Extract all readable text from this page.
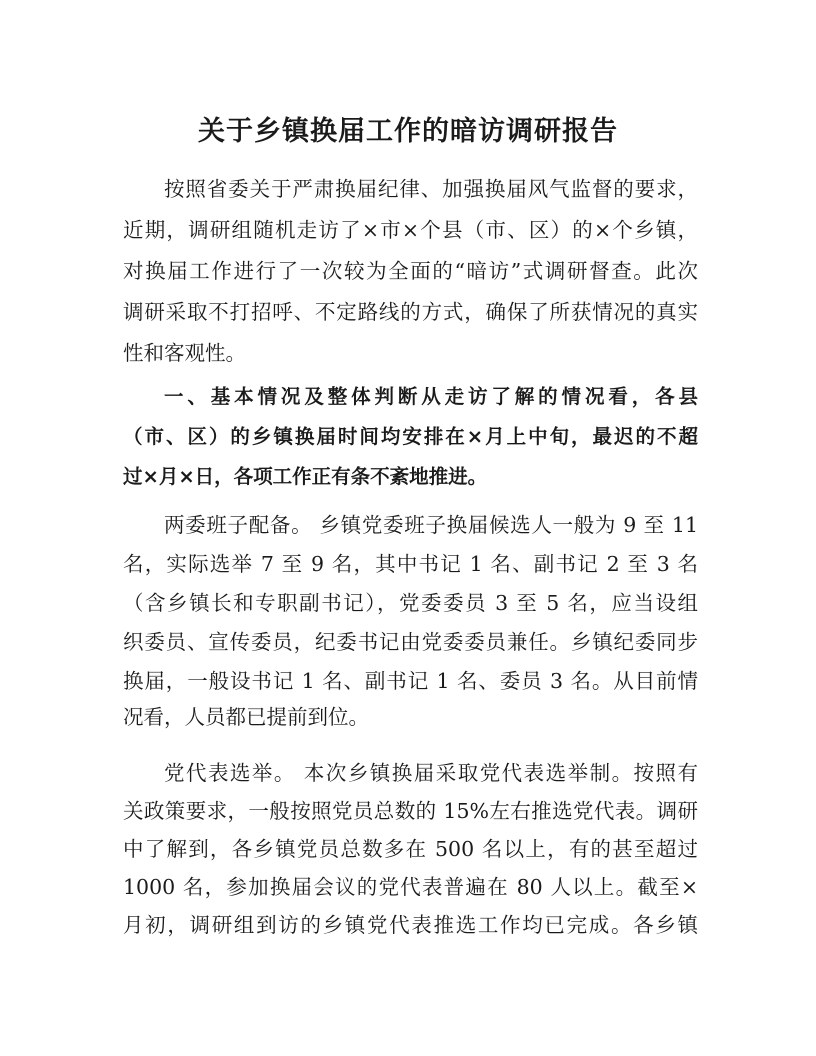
关于乡镇换届工作的暗访调研报告
按照省委关于严肃换届纪律、加强换届风气监督的要求，
近期，调研组随机走访了×市×个县（市、区）的×个乡镇，
对换届工作进行了一次较为全面的“暗访”式调研督查。此次
调研采取不打招呼、不定路线的方式，确保了所获情况的真实
性和客观性。
一、基本情况及整体判断从走访了解的情况看，各县
（市、区）的乡镇换届时间均安排在×月上中旬，最迟的不超
过×月×日，各项工作正有条不紊地推进。
两委班子配备。 乡镇党委班子换届候选人一般为 9 至 11
名，实际选举 7 至 9 名，其中书记 1 名、副书记 2 至 3 名
（含乡镇长和专职副书记），党委委员 3 至 5 名，应当设组
织委员、宣传委员，纪委书记由党委委员兼任。乡镇纪委同步
换届，一般设书记 1 名、副书记 1 名、委员 3 名。从目前情
况看，人员都已提前到位。
党代表选举。 本次乡镇换届采取党代表选举制。按照有
关政策要求，一般按照党员总数的 15%左右推选党代表。调研
中了解到，各乡镇党员总数多在 500 名以上，有的甚至超过
1000 名，参加换届会议的党代表普遍在 80 人以上。截至×
月初，调研组到访的乡镇党代表推选工作均已完成。各乡镇
